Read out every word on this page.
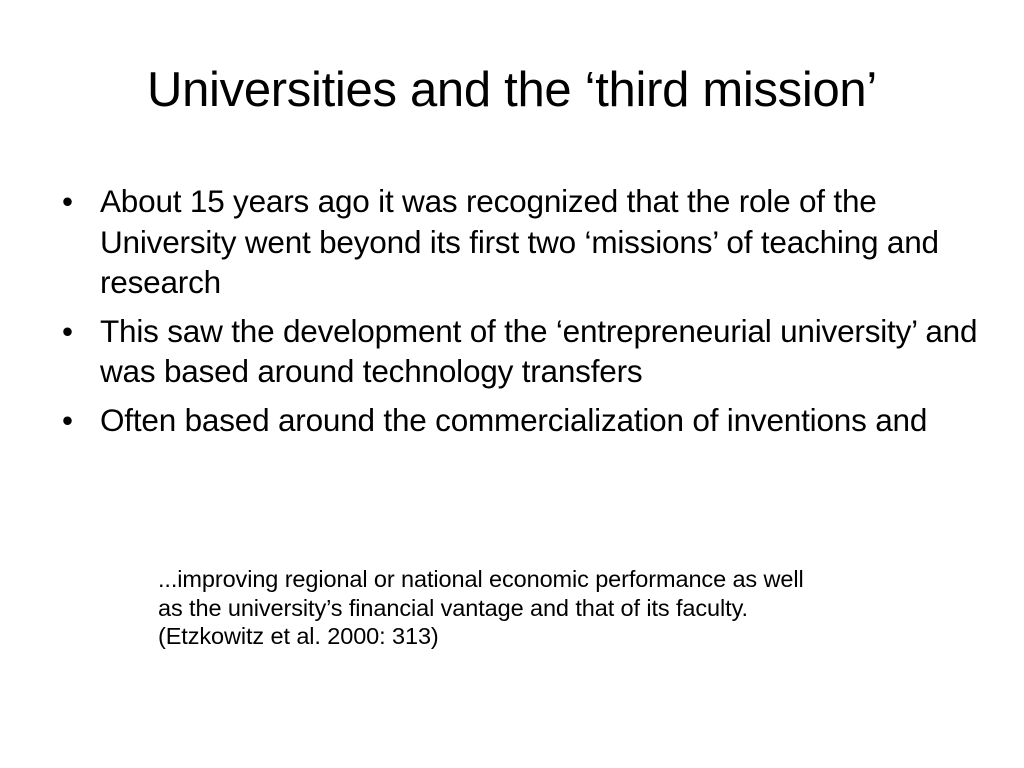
Universities and the ‘third mission’
• About 15 years ago it was recognized that the role of the University went beyond its first two ‘missions’ of teaching and research
• This saw the development of the ‘entrepreneurial university’ and was based around technology transfers
• Often based around the commercialization of inventions and
...improving regional or national economic performance as well
as the university’s financial vantage and that of its faculty.
(Etzkowitz et al. 2000: 313)
